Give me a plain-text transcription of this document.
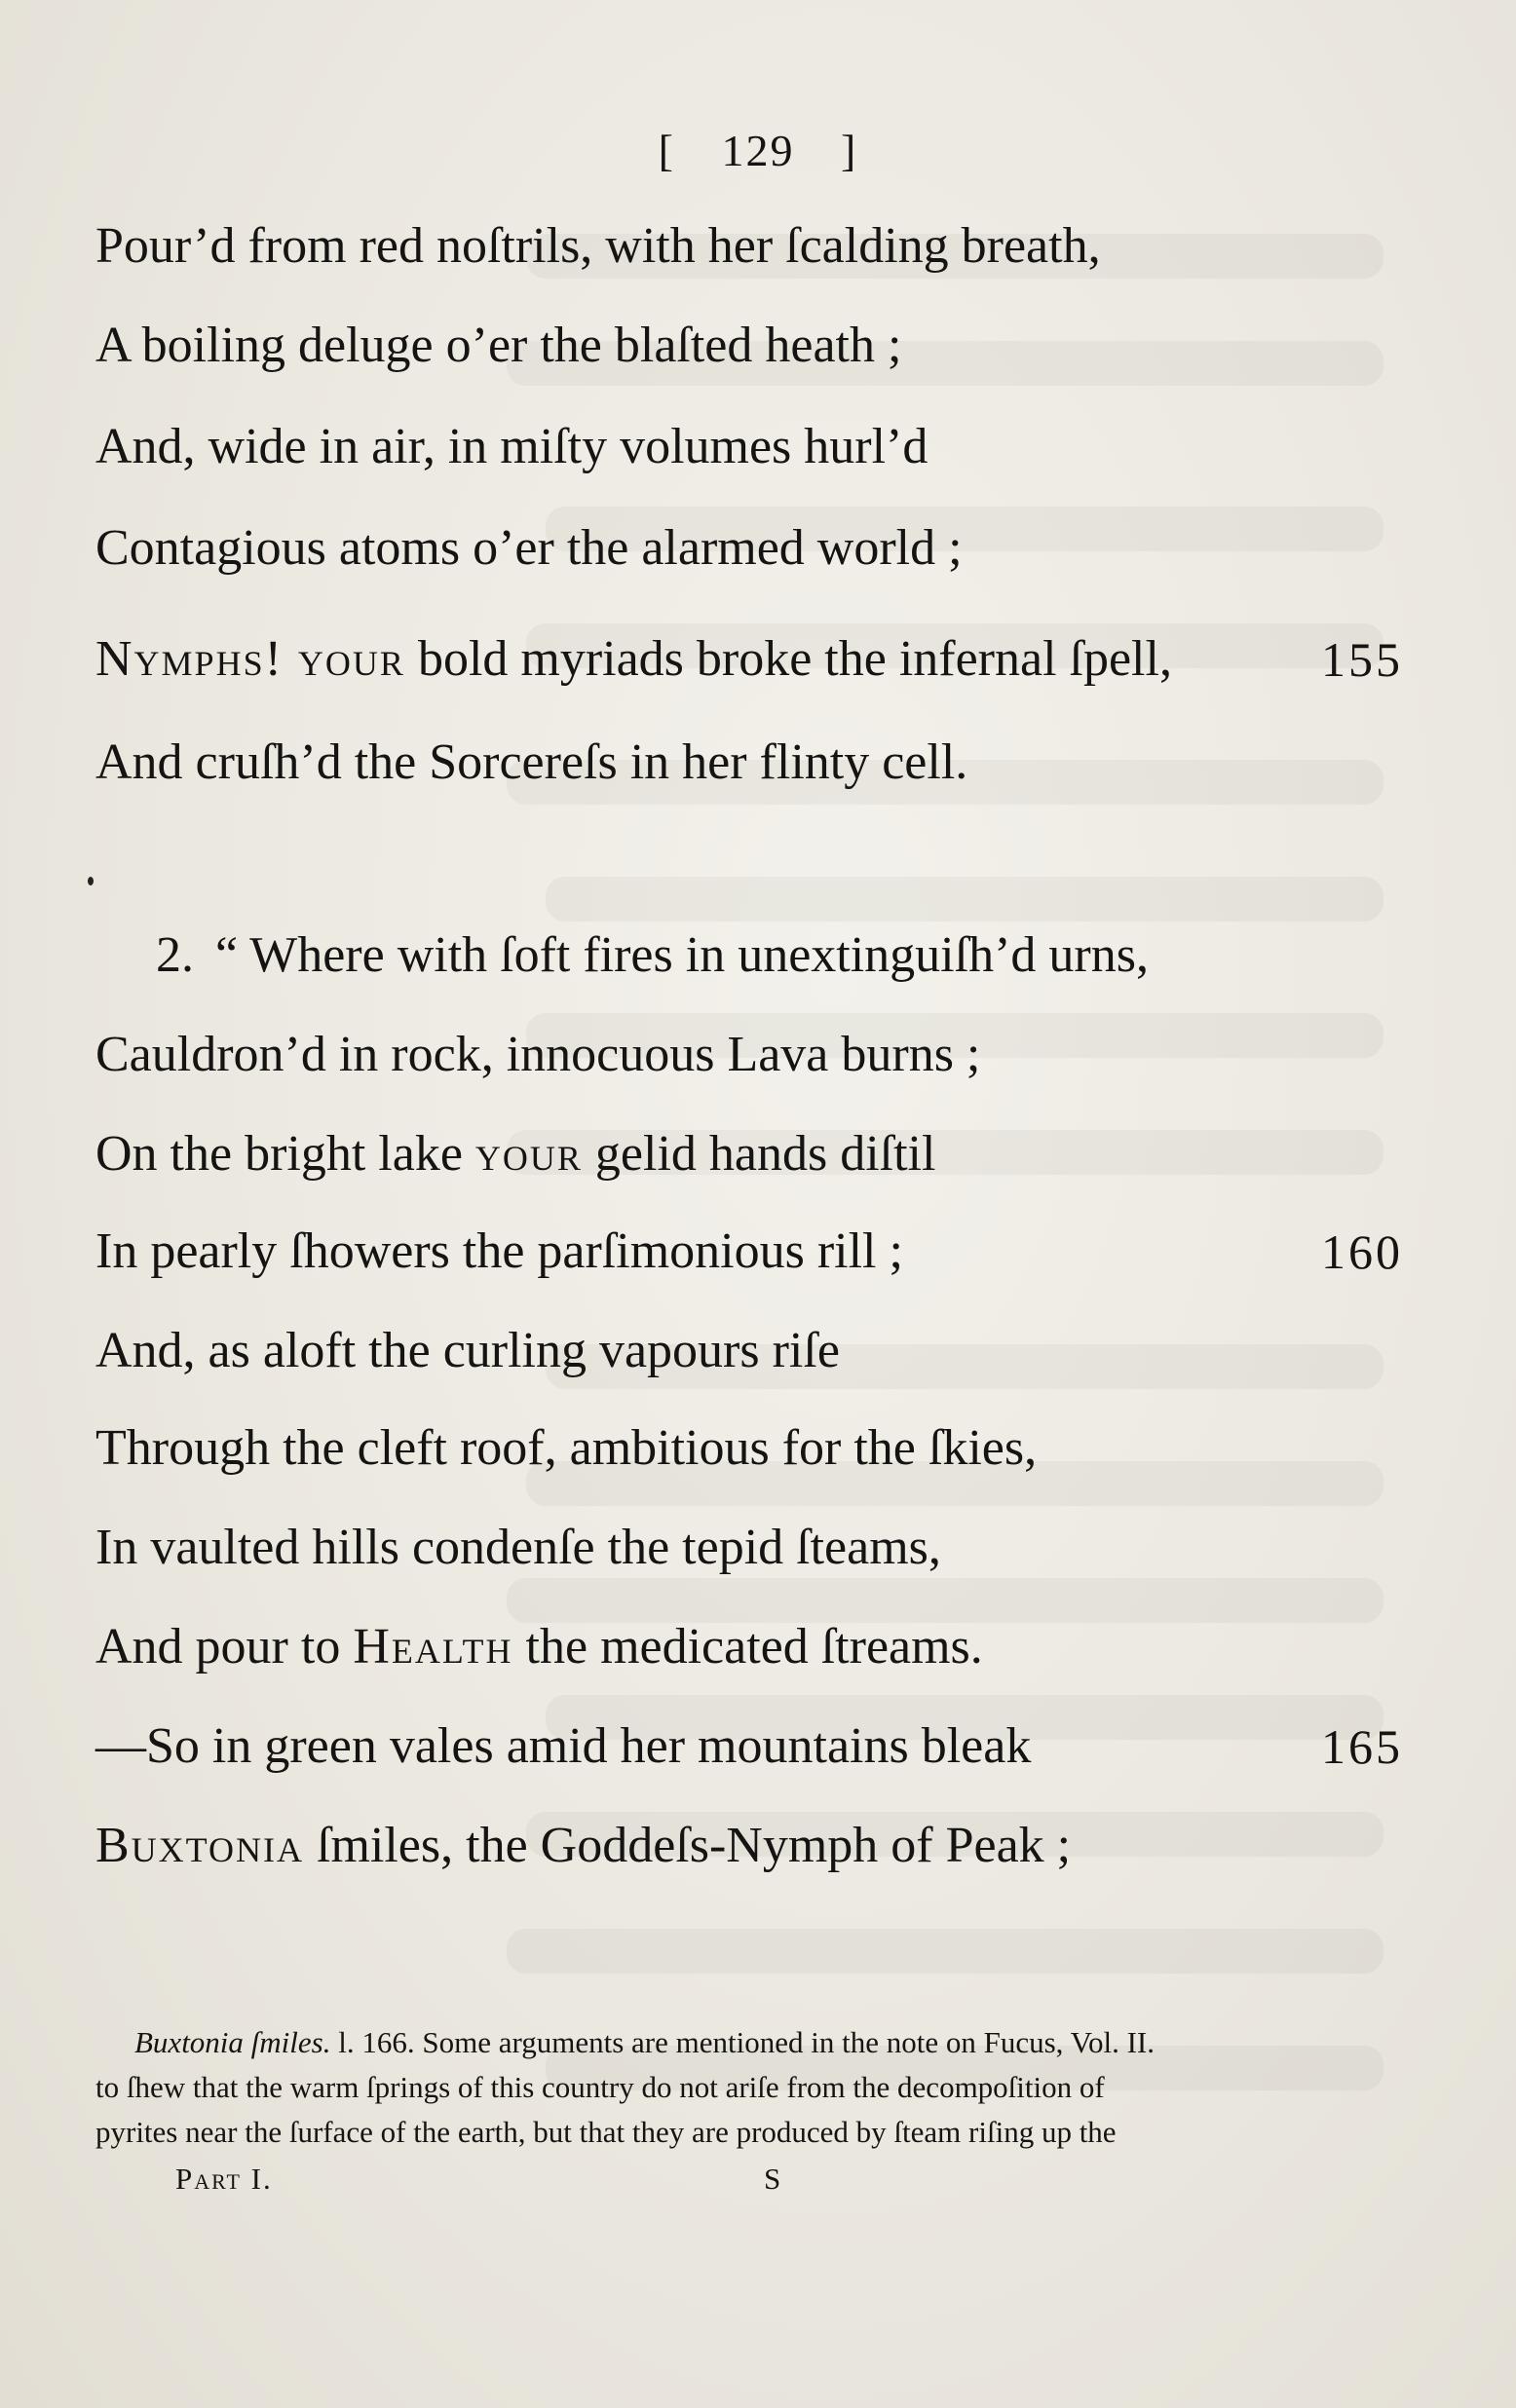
[ 129 ]
Pour’d from red noſtrils, with her ſcalding breath,
A boiling deluge o’er the blaſted heath ;
And, wide in air, in miſty volumes hurl’d
Contagious atoms o’er the alarmed world ;
Nymphs! your bold myriads broke the infernal ſpell,	155
And cruſh’d the Sorcereſs in her flinty cell.
2. “ Where with ſoft fires in unextinguiſh’d urns,
Cauldron’d in rock, innocuous Lava burns ;
On the bright lake your gelid hands diſtil
In pearly ſhowers the parſimonious rill ;	160
And, as aloft the curling vapours riſe
Through the cleft roof, ambitious for the ſkies,
In vaulted hills condenſe the tepid ſteams,
And pour to Health the medicated ſtreams.
—So in green vales amid her mountains bleak	165
Buxtonia ſmiles, the Goddeſs-Nymph of Peak ;
Buxtonia ſmiles. l. 166. Some arguments are mentioned in the note on Fucus, Vol. II.
to ſhew that the warm ſprings of this country do not ariſe from the decompoſition of
pyrites near the ſurface of the earth, but that they are produced by ſteam riſing up the
Part I.	S
